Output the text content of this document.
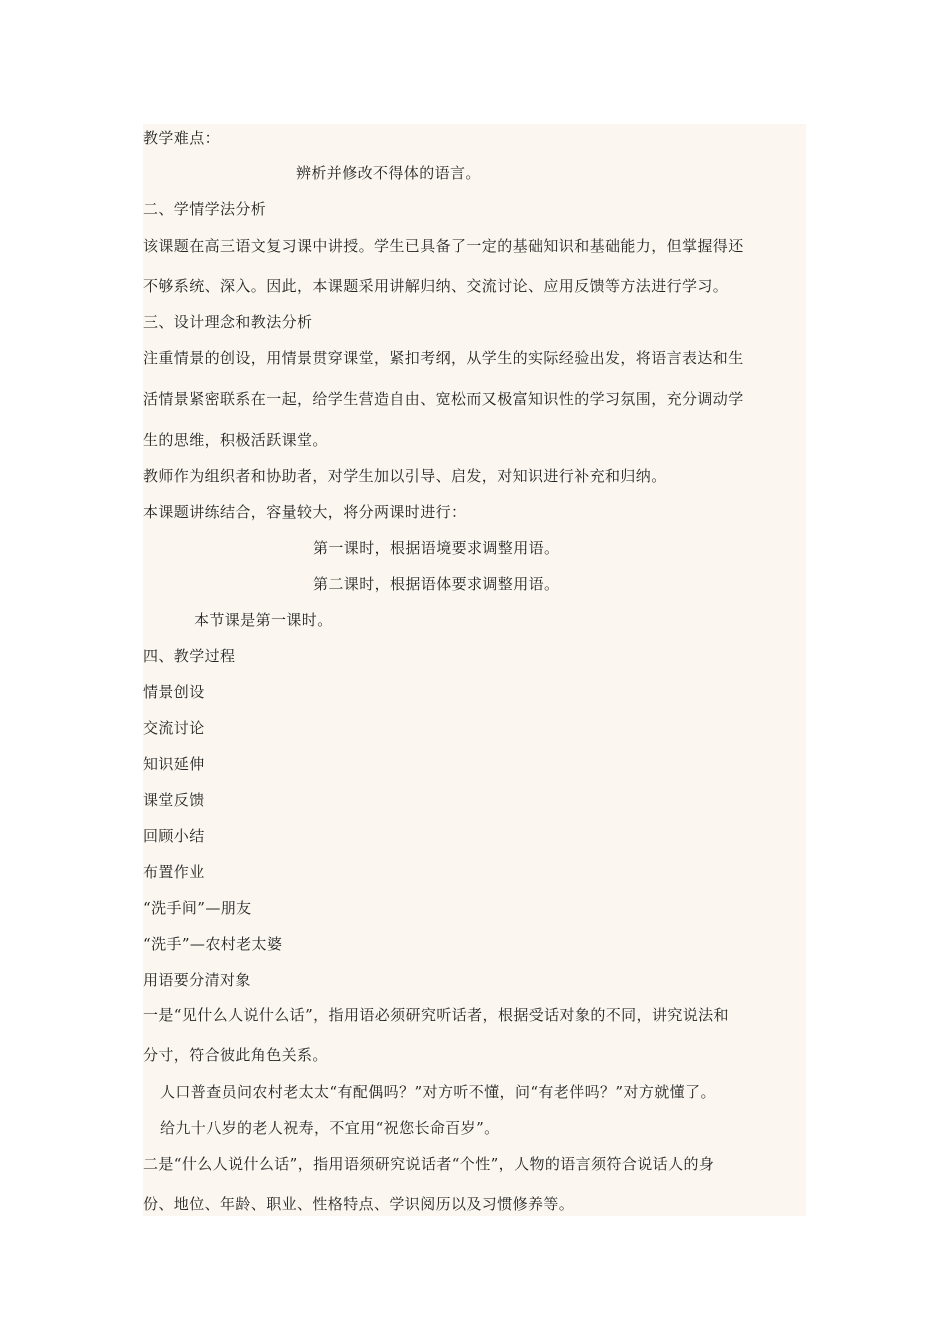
教学难点：
辨析并修改不得体的语言。
二、学情学法分析
该课题在高三语文复习课中讲授。学生已具备了一定的基础知识和基础能力，但掌握得还
不够系统、深入。因此，本课题采用讲解归纳、交流讨论、应用反馈等方法进行学习。
三、设计理念和教法分析
注重情景的创设，用情景贯穿课堂，紧扣考纲，从学生的实际经验出发，将语言表达和生
活情景紧密联系在一起，给学生营造自由、宽松而又极富知识性的学习氛围，充分调动学
生的思维，积极活跃课堂。
教师作为组织者和协助者，对学生加以引导、启发，对知识进行补充和归纳。
本课题讲练结合，容量较大，将分两课时进行：
第一课时，根据语境要求调整用语。
第二课时，根据语体要求调整用语。
本节课是第一课时。
四、教学过程
情景创设
交流讨论
知识延伸
课堂反馈
回顾小结
布置作业
“洗手间”—朋友
“洗手”—农村老太婆
用语要分清对象
一是“见什么人说什么话”，指用语必须研究听话者，根据受话对象的不同，讲究说法和
分寸，符合彼此角色关系。
人口普查员问农村老太太“有配偶吗？”对方听不懂，问“有老伴吗？”对方就懂了。
给九十八岁的老人祝寿，不宜用“祝您长命百岁”。
二是“什么人说什么话”，指用语须研究说话者“个性”，人物的语言须符合说话人的身
份、地位、年龄、职业、性格特点、学识阅历以及习惯修养等。
